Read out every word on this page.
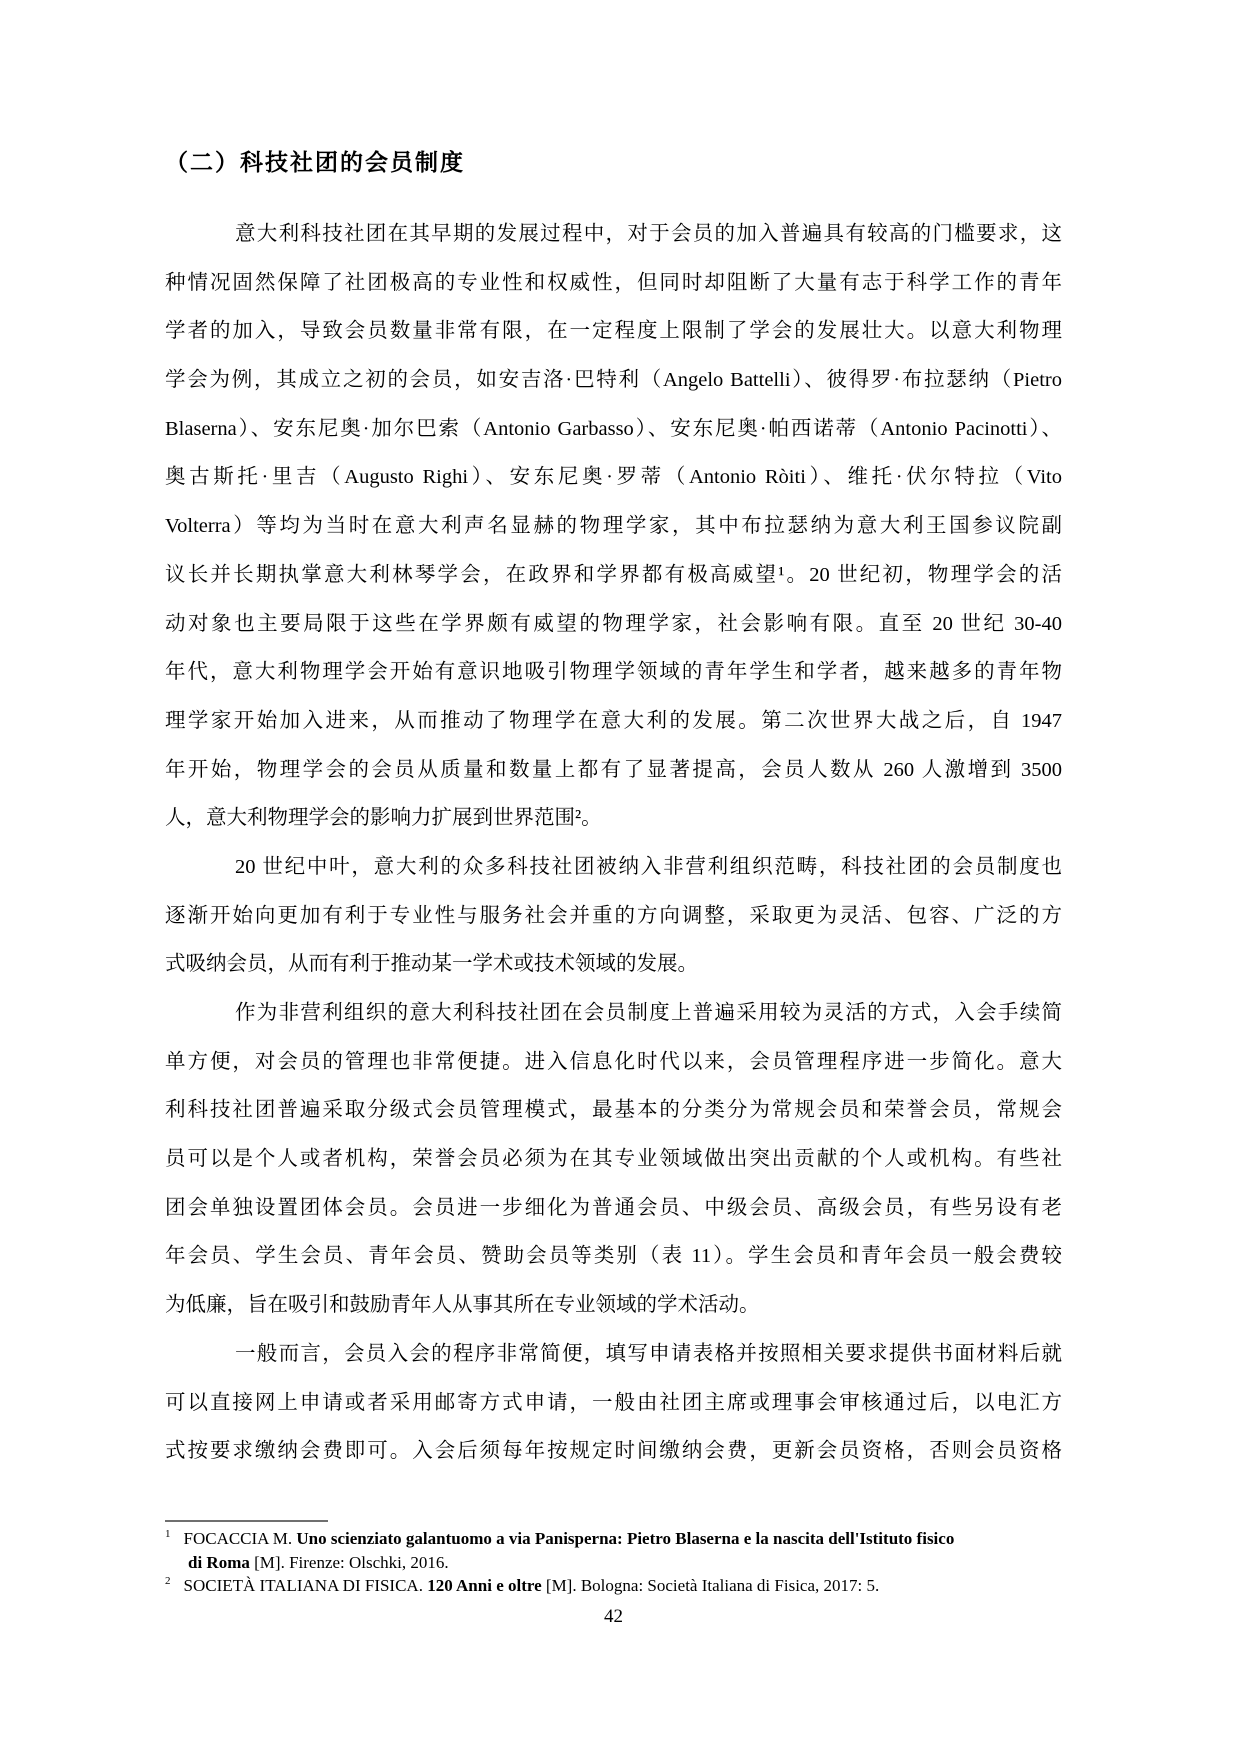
（二）科技社团的会员制度
意大利科技社团在其早期的发展过程中，对于会员的加入普遍具有较高的门槛要求，这
种情况固然保障了社团极高的专业性和权威性，但同时却阻断了大量有志于科学工作的青年
学者的加入，导致会员数量非常有限，在一定程度上限制了学会的发展壮大。以意大利物理
学会为例，其成立之初的会员，如安吉洛·巴特利（Angelo Battelli）、彼得罗·布拉瑟纳（Pietro
Blaserna）、安东尼奥·加尔巴索（Antonio Garbasso）、安东尼奥·帕西诺蒂（Antonio Pacinotti）、
奥古斯托·里吉（Augusto Righi）、安东尼奥·罗蒂（Antonio Ròiti）、维托·伏尔特拉（Vito
Volterra）等均为当时在意大利声名显赫的物理学家，其中布拉瑟纳为意大利王国参议院副
议长并长期执掌意大利林琴学会，在政界和学界都有极高威望¹。20 世纪初，物理学会的活
动对象也主要局限于这些在学界颇有威望的物理学家，社会影响有限。直至 20 世纪 30-40
年代，意大利物理学会开始有意识地吸引物理学领域的青年学生和学者，越来越多的青年物
理学家开始加入进来，从而推动了物理学在意大利的发展。第二次世界大战之后，自 1947
年开始，物理学会的会员从质量和数量上都有了显著提高，会员人数从 260 人激增到 3500
人，意大利物理学会的影响力扩展到世界范围²。
20 世纪中叶，意大利的众多科技社团被纳入非营利组织范畴，科技社团的会员制度也
逐渐开始向更加有利于专业性与服务社会并重的方向调整，采取更为灵活、包容、广泛的方
式吸纳会员，从而有利于推动某一学术或技术领域的发展。
作为非营利组织的意大利科技社团在会员制度上普遍采用较为灵活的方式，入会手续简
单方便，对会员的管理也非常便捷。进入信息化时代以来，会员管理程序进一步简化。意大
利科技社团普遍采取分级式会员管理模式，最基本的分类分为常规会员和荣誉会员，常规会
员可以是个人或者机构，荣誉会员必须为在其专业领域做出突出贡献的个人或机构。有些社
团会单独设置团体会员。会员进一步细化为普通会员、中级会员、高级会员，有些另设有老
年会员、学生会员、青年会员、赞助会员等类别（表 11）。学生会员和青年会员一般会费较
为低廉，旨在吸引和鼓励青年人从事其所在专业领域的学术活动。
一般而言，会员入会的程序非常简便，填写申请表格并按照相关要求提供书面材料后就
可以直接网上申请或者采用邮寄方式申请，一般由社团主席或理事会审核通过后，以电汇方
式按要求缴纳会费即可。入会后须每年按规定时间缴纳会费，更新会员资格，否则会员资格
$^1$ FOCACCIA M. Uno scienziato galantuomo a via Panisperna: Pietro Blaserna e la nascita dell'Istituto fisico
di Roma [M]. Firenze: Olschki, 2016.
$^2$ SOCIETÀ ITALIANA DI FISICA. 120 Anni e oltre [M]. Bologna: Società Italiana di Fisica, 2017: 5.
42
